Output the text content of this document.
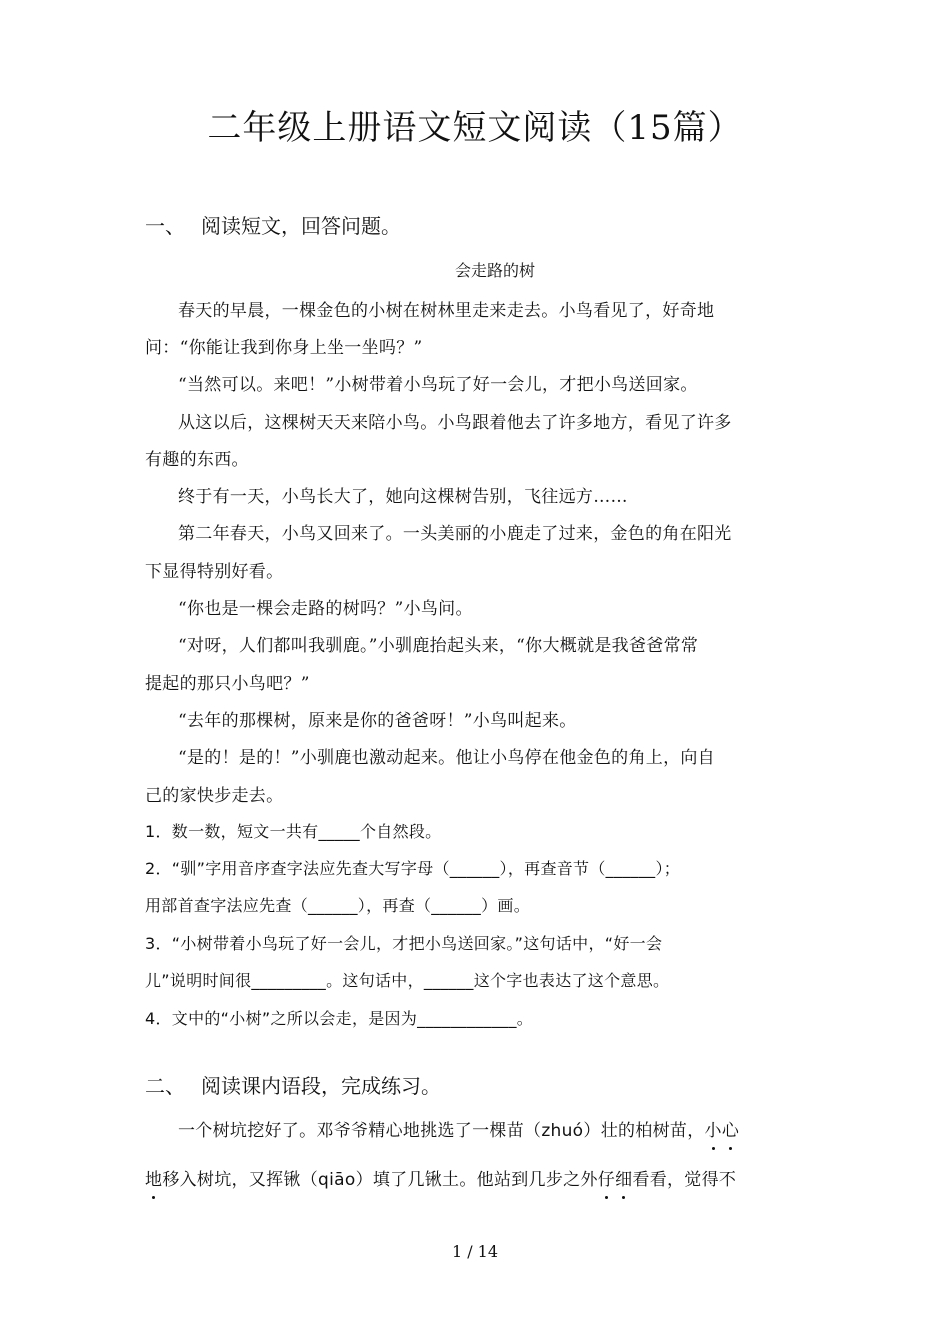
二年级上册语文短文阅读（15篇）
一、 阅读短文，回答问题。
会走路的树
春天的早晨，一棵金色的小树在树林里走来走去。小鸟看见了，好奇地
问：“你能让我到你身上坐一坐吗？”
“当然可以。来吧！”小树带着小鸟玩了好一会儿，才把小鸟送回家。
从这以后，这棵树天天来陪小鸟。小鸟跟着他去了许多地方，看见了许多
有趣的东西。
终于有一天，小鸟长大了，她向这棵树告别，飞往远方……
第二年春天，小鸟又回来了。一头美丽的小鹿走了过来，金色的角在阳光
下显得特别好看。
“你也是一棵会走路的树吗？”小鸟问。
“对呀，人们都叫我驯鹿。”小驯鹿抬起头来，“你大概就是我爸爸常常
提起的那只小鸟吧？”
“去年的那棵树，原来是你的爸爸呀！”小鸟叫起来。
“是的！是的！”小驯鹿也激动起来。他让小鸟停在他金色的角上，向自
己的家快步走去。
1．数一数，短文一共有_____个自然段。
2．“驯”字用音序查字法应先查大写字母（______），再查音节（______）；
用部首查字法应先查（______），再查（______）画。
3．“小树带着小鸟玩了好一会儿，才把小鸟送回家。”这句话中，“好一会
儿”说明时间很_________。这句话中，______这个字也表达了这个意思。
4．文中的“小树”之所以会走，是因为____________。
二、 阅读课内语段，完成练习。
一个树坑挖好了。邓爷爷精心地挑选了一棵苗（zhuó）壮的柏树苗，小心
地移入树坑，又挥锹（qiāo）填了几锹土。他站到几步之外仔细看看，觉得不
1 / 14
